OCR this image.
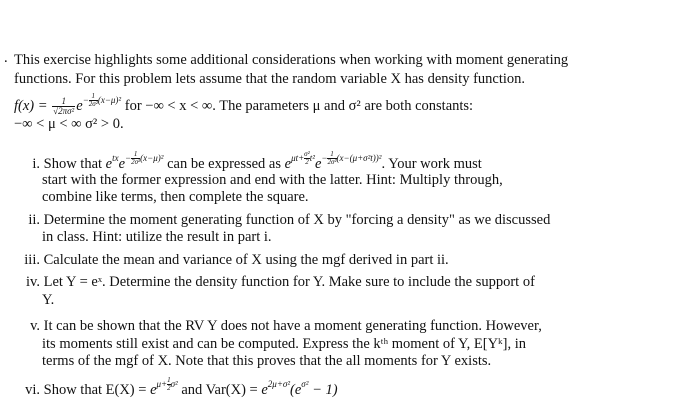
. This exercise highlights some additional considerations when working with moment generating
functions. For this problem lets assume that the random variable X has density function.
$f(x) = \frac{1}{\text{√2πσ²}} e^{- \frac{1}{\text{2σ²}} (x-\mu)^2}$ for −∞ < x < ∞. The parameters μ and σ² are both constants:
−∞ < μ < ∞ σ² > 0.
i. Show that $e^{tx}e^{- \frac{1}{\text{2σ²}} (x-\mu)^2}$ can be expressed as $e^{\mu t+ \frac{\text{σ²}}{2} t^2}e^{- \frac{1}{\text{2σ²}} (x-(\mu+\sigma^2t))^2}$. Your work must
start with the former expression and end with the latter. Hint: Multiply through,
combine like terms, then complete the square.
ii. Determine the moment generating function of X by "forcing a density" as we discussed
in class. Hint: utilize the result in part i.
iii. Calculate the mean and variance of X using the mgf derived in part ii.
iv. Let Y = eˣ. Determine the density function for Y. Make sure to include the support of
Y.
v. It can be shown that the RV Y does not have a moment generating function. However,
its moments still exist and can be computed. Express the kᵗʰ moment of Y, E[Yᵏ], in
terms of the mgf of X. Note that this proves that the all moments for Y exists.
vi. Show that $E(X) = e^{\mu+ \frac{1}{2} \sigma^2}$ and $Var(X) = e^{2\mu+\sigma^2}(e^{\sigma^2} - 1)$
